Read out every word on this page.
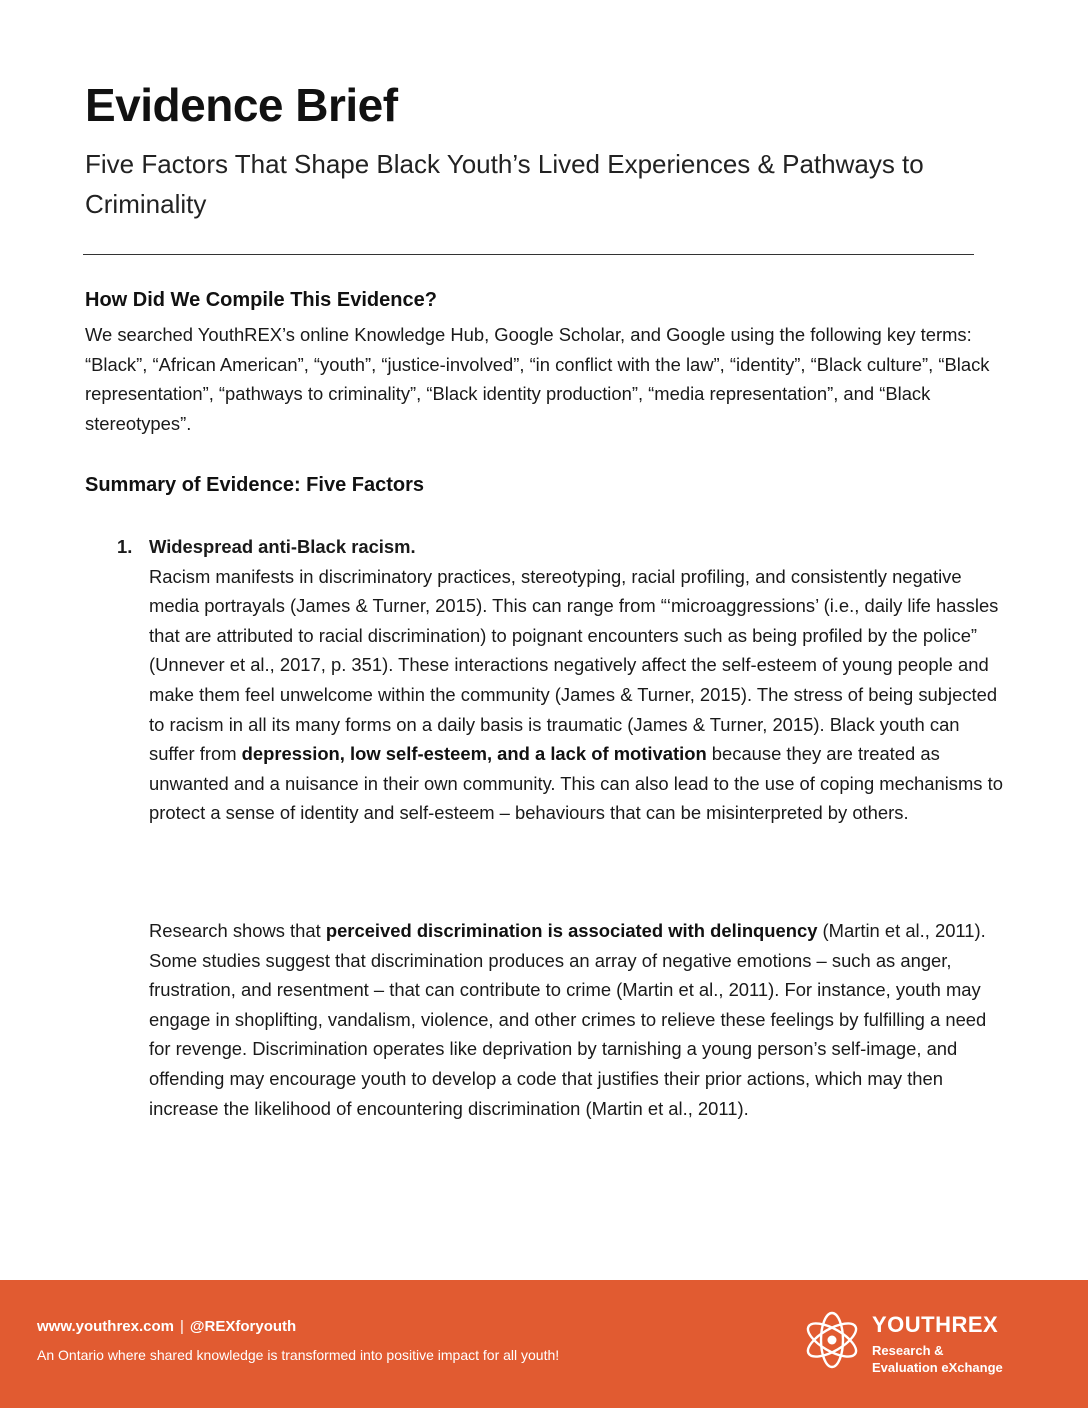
Evidence Brief
Five Factors That Shape Black Youth’s Lived Experiences & Pathways to Criminality
How Did We Compile This Evidence?
We searched YouthREX’s online Knowledge Hub, Google Scholar, and Google using the following key terms: “Black”, “African American”, “youth”, “justice-involved”, “in conflict with the law”, “identity”, “Black culture”, “Black representation”, “pathways to criminality”, “Black identity production”, “media representation”, and “Black stereotypes”.
Summary of Evidence: Five Factors
1. Widespread anti-Black racism.

Racism manifests in discriminatory practices, stereotyping, racial profiling, and consistently negative media portrayals (James & Turner, 2015). This can range from “‘microaggressions’ (i.e., daily life hassles that are attributed to racial discrimination) to poignant encounters such as being profiled by the police” (Unnever et al., 2017, p. 351). These interactions negatively affect the self-esteem of young people and make them feel unwelcome within the community (James & Turner, 2015). The stress of being subjected to racism in all its many forms on a daily basis is traumatic (James & Turner, 2015). Black youth can suffer from depression, low self-esteem, and a lack of motivation because they are treated as unwanted and a nuisance in their own community. This can also lead to the use of coping mechanisms to protect a sense of identity and self-esteem – behaviours that can be misinterpreted by others.

Research shows that perceived discrimination is associated with delinquency (Martin et al., 2011). Some studies suggest that discrimination produces an array of negative emotions – such as anger, frustration, and resentment – that can contribute to crime (Martin et al., 2011). For instance, youth may engage in shoplifting, vandalism, violence, and other crimes to relieve these feelings by fulfilling a need for revenge. Discrimination operates like deprivation by tarnishing a young person’s self-image, and offending may encourage youth to develop a code that justifies their prior actions, which may then increase the likelihood of encountering discrimination (Martin et al., 2011).

www.youthrex.com | @REXforyouth
An Ontario where shared knowledge is transformed into positive impact for all youth!
YOUTHREX
Research &
Evaluation eXchange
